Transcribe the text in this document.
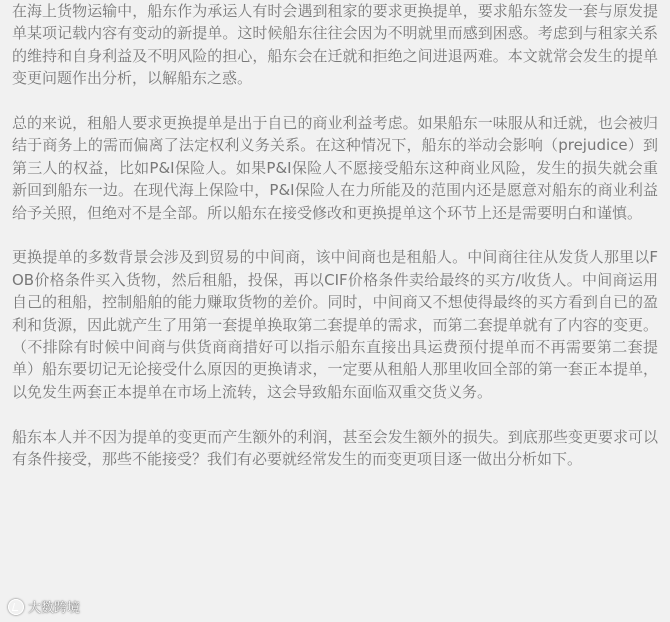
在海上货物运输中，船东作为承运人有时会遇到租家的要求更换提单，要求船东签发一套与原发提单某项记载内容有变动的新提单。这时候船东往往会因为不明就里而感到困惑。考虑到与租家关系的维持和自身利益及不明风险的担心，船东会在迁就和拒绝之间进退两难。本文就常会发生的提单变更问题作出分析，以解船东之惑。

总的来说，租船人要求更换提单是出于自已的商业利益考虑。如果船东一味服从和迁就，也会被归结于商务上的需而偏离了法定权利义务关系。在这种情况下，船东的举动会影响（prejudice）到第三人的权益，比如P&I保险人。如果P&I保险人不愿接受船东这种商业风险，发生的损失就会重新回到船东一边。在现代海上保险中，P&I保险人在力所能及的范围内还是愿意对船东的商业利益给予关照，但绝对不是全部。所以船东在接受修改和更换提单这个环节上还是需要明白和谨慎。

更换提单的多数背景会涉及到贸易的中间商，该中间商也是租船人。中间商往往从发货人那里以FOB价格条件买入货物，然后租船，投保，再以CIF价格条件卖给最终的买方/收货人。中间商运用自己的租船，控制船舶的能力赚取货物的差价。同时，中间商又不想使得最终的买方看到自已的盈利和货源，因此就产生了用第一套提单换取第二套提单的需求，而第二套提单就有了内容的变更。（不排除有时候中间商与供货商商措好可以指示船东直接出具运费预付提单而不再需要第二套提单）船东要切记无论接受什么原因的更换请求，一定要从租船人那里收回全部的第一套正本提单，以免发生两套正本提单在市场上流转，这会导致船东面临双重交货义务。

船东本人并不因为提单的变更而产生额外的利润，甚至会发生额外的损失。到底那些变更要求可以有条件接受，那些不能接受？我们有必要就经常发生的而变更项目逐一做出分析如下。

大数跨境
